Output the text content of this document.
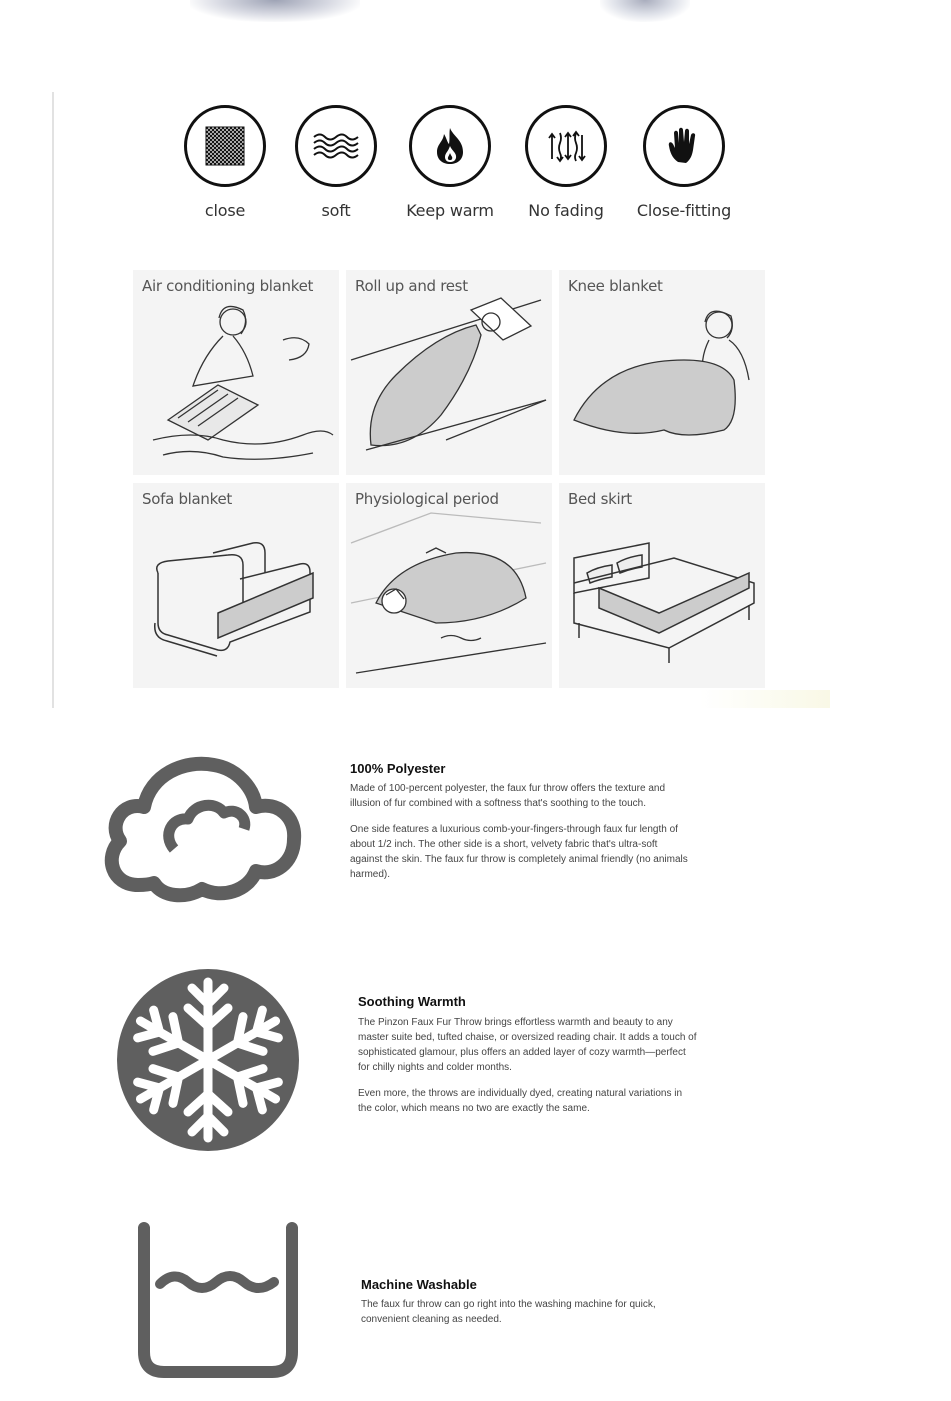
close	soft	Keep warm	No fading	Close-fitting
Air conditioning blanket	Roll up and rest	Knee blanket
Sofa blanket	Physiological period	Bed skirt
100% Polyester
Made of 100-percent polyester, the faux fur throw offers the texture and illusion of fur combined with a softness that's soothing to the touch.
One side features a luxurious comb-your-fingers-through faux fur length of about 1/2 inch. The other side is a short, velvety fabric that's ultra-soft against the skin. The faux fur throw is completely animal friendly (no animals harmed).
Soothing Warmth
The Pinzon Faux Fur Throw brings effortless warmth and beauty to any master suite bed, tufted chaise, or oversized reading chair. It adds a touch of sophisticated glamour, plus offers an added layer of cozy warmth—perfect for chilly nights and colder months.
Even more, the throws are individually dyed, creating natural variations in the color, which means no two are exactly the same.
Machine Washable
The faux fur throw can go right into the washing machine for quick, convenient cleaning as needed.
